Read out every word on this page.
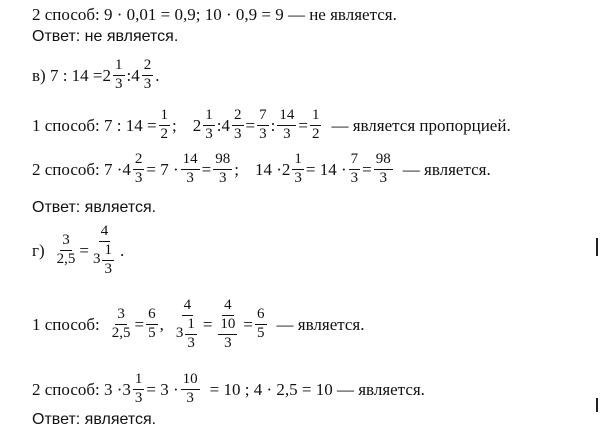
2 способ: 9 · 0,01 = 0,9; 10 · 0,9 = 9 — не является.
Ответ: не является.
в) 7 : $14 = 2 \frac{1}{3}$ : $4 \frac{2}{3}$ .
1 способ: 7 : $14 = \frac{1}{2}$ ; $2 \frac{1}{3}$ : $4 \frac{2}{3} = \frac{7}{3}$ : $\frac{14}{3} = \frac{1}{2}$ — является пропорцией.
2 способ: $7 \cdot 4 \frac{2}{3} = 7 \cdot \frac{14}{3} = \frac{98}{3}$ ; $14 \cdot 2 \frac{1}{3} = 14 \cdot \frac{7}{3} = \frac{98}{3}$ — является.
Ответ: является.
$г) \frac{3}{2,5} = \frac{4}{3 \frac{1}{3}}$ .
1 способ: $\frac{3}{2,5} = \frac{6}{5}$ , $\frac{4}{3 \frac{1}{3}} = \frac{4}{\frac{10}{3}} = \frac{6}{5}$ — является.
2 способ: $3 \cdot 3 \frac{1}{3} = 3 \cdot \frac{10}{3} = 10$ ; 4 · 2,5 = 10 — является.
Ответ: является.
